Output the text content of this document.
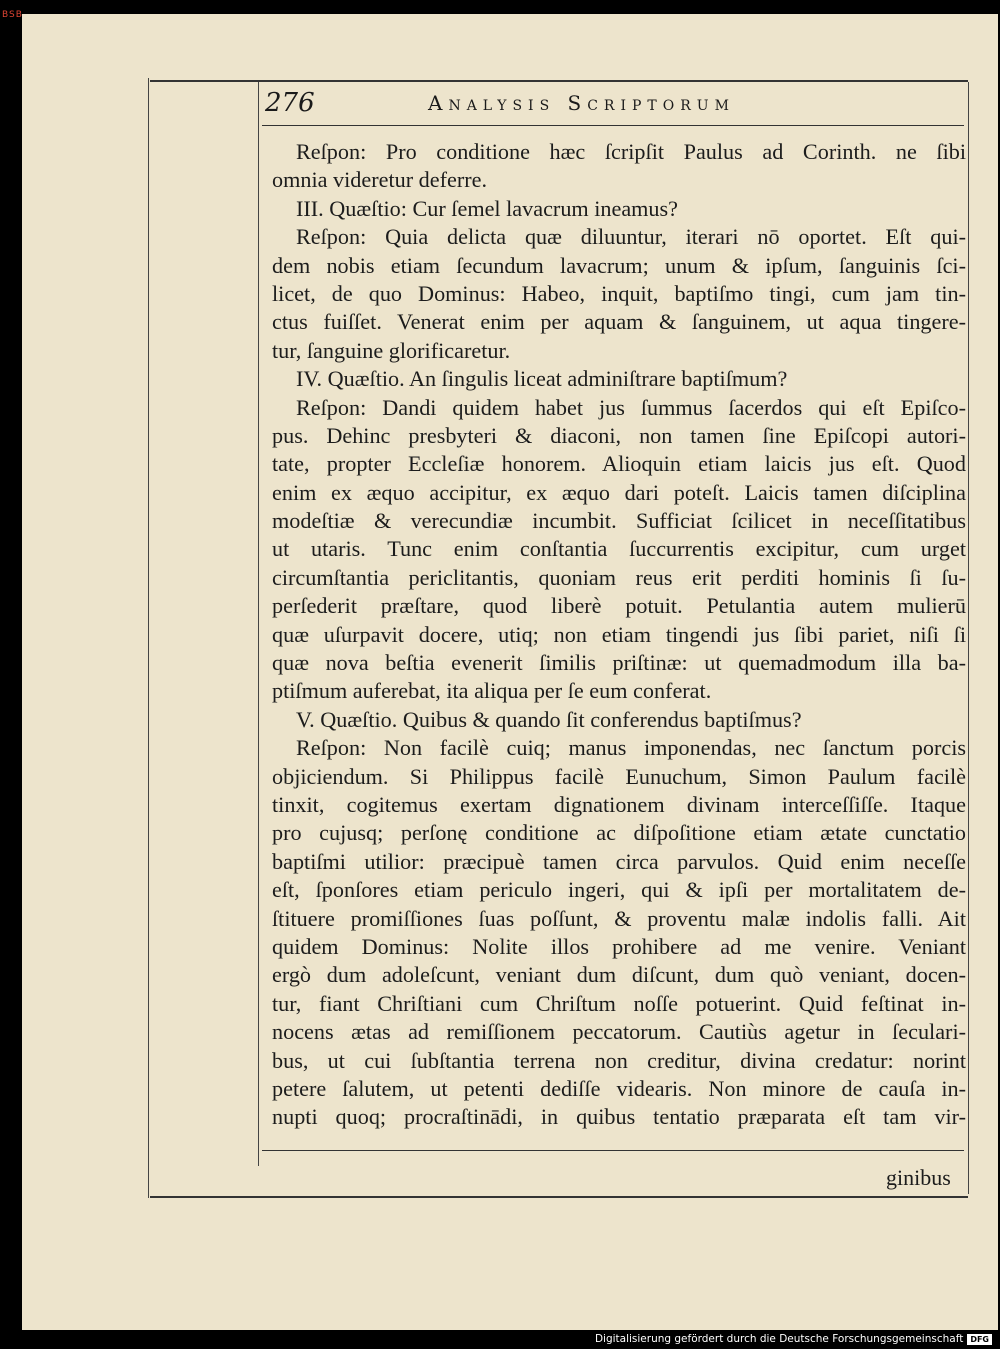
BSB
276	Analysis Scriptorum
Reſpon: Pro conditione hæc ſcripſit Paulus ad Corinth. ne ſibi
omnia videretur deferre.
III. Quæſtio: Cur ſemel lavacrum ineamus?
Reſpon: Quia delicta quæ diluuntur, iterari nō oportet. Eſt qui-
dem nobis etiam ſecundum lavacrum; unum & ipſum, ſanguinis ſci-
licet, de quo Dominus: Habeo, inquit, baptiſmo tingi, cum jam tin-
ctus fuiſſet. Venerat enim per aquam & ſanguinem, ut aqua tingere-
tur, ſanguine glorificaretur.
IV. Quæſtio. An ſingulis liceat adminiſtrare baptiſmum?
Reſpon: Dandi quidem habet jus ſummus ſacerdos qui eſt Epiſco-
pus. Dehinc presbyteri & diaconi, non tamen ſine Epiſcopi autori-
tate, propter Eccleſiæ honorem. Alioquin etiam laicis jus eſt. Quod
enim ex æquo accipitur, ex æquo dari poteſt. Laicis tamen diſciplina
modeſtiæ & verecundiæ incumbit. Sufficiat ſcilicet in neceſſitatibus
ut utaris. Tunc enim conſtantia ſuccurrentis excipitur, cum urget
circumſtantia periclitantis, quoniam reus erit perditi hominis ſi ſu-
perſederit præſtare, quod liberè potuit. Petulantia autem mulierū
quæ uſurpavit docere, utiq; non etiam tingendi jus ſibi pariet, niſi ſi
quæ nova beſtia evenerit ſimilis priſtinæ: ut quemadmodum illa ba-
ptiſmum auferebat, ita aliqua per ſe eum conferat.
V. Quæſtio. Quibus & quando ſit conferendus baptiſmus?
Reſpon: Non facilè cuiq; manus imponendas, nec ſanctum porcis
objiciendum. Si Philippus facilè Eunuchum, Simon Paulum facilè
tinxit, cogitemus exertam dignationem divinam interceſſiſſe. Itaque
pro cujusq; perſonę conditione ac diſpoſitione etiam ætate cunctatio
baptiſmi utilior: præcipuè tamen circa parvulos. Quid enim neceſſe
eſt, ſponſores etiam periculo ingeri, qui & ipſi per mortalitatem de-
ſtituere promiſſiones ſuas poſſunt, & proventu malæ indolis falli. Ait
quidem Dominus: Nolite illos prohibere ad me venire. Veniant
ergò dum adoleſcunt, veniant dum diſcunt, dum quò veniant, docen-
tur, fiant Chriſtiani cum Chriſtum noſſe potuerint. Quid feſtinat in-
nocens ætas ad remiſſionem peccatorum. Cautiùs agetur in ſeculari-
bus, ut cui ſubſtantia terrena non creditur, divina credatur: norint
petere ſalutem, ut petenti dediſſe videaris. Non minore de cauſa in-
nupti quoq; procraſtinādi, in quibus tentatio præparata eſt tam vir-
ginibus
Digitalisierung gefördert durch die Deutsche Forschungsgemeinschaft DFG
